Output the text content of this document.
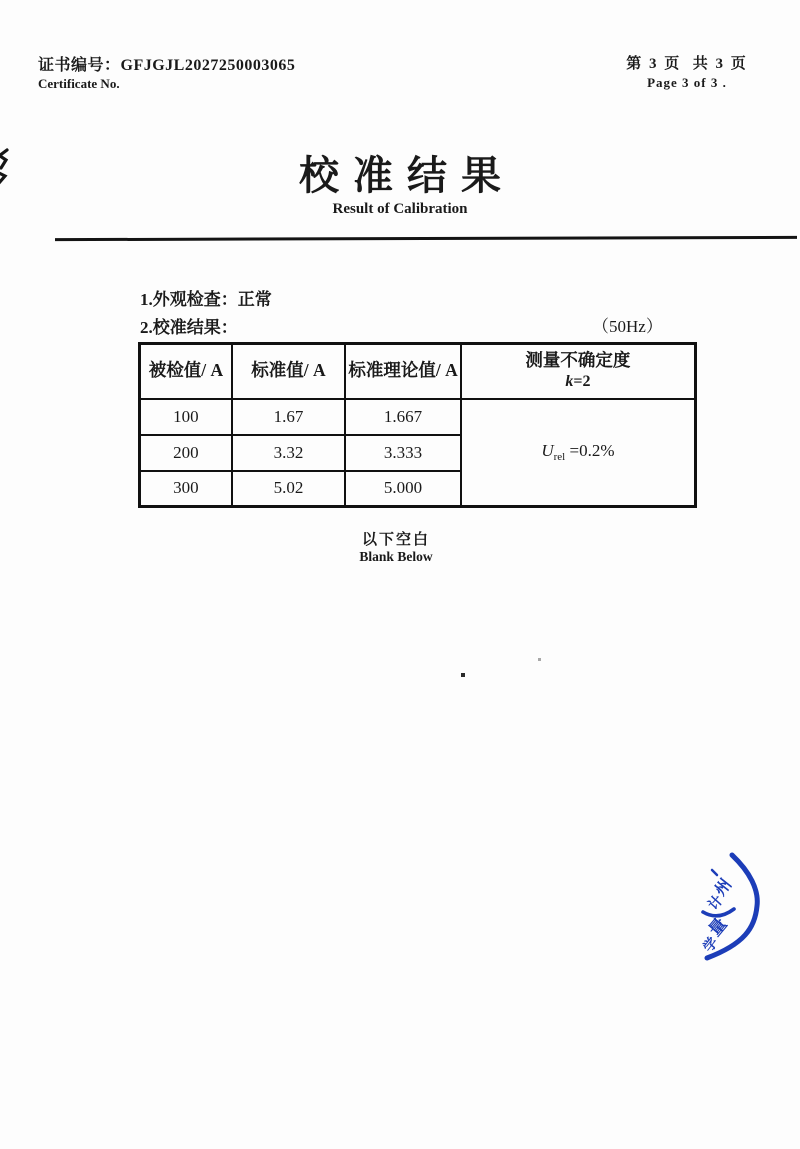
证书编号：GFJGJL2027250003065
Certificate No.
第 3 页  共 3 页
Page 3 of 3 .
校准结果
Result of Calibration
1.外观检查：正常
2.校准结果：	（50Hz）
被检值/ A	标准值/ A	标准理论值/ A	测量不确定度
k=2

100	1.67	1.667	$U_{rel} =0.2\%$
200	3.32	3.333	
300	5.02	5.000	
以下空白
Blank Below
州
计
量
学
